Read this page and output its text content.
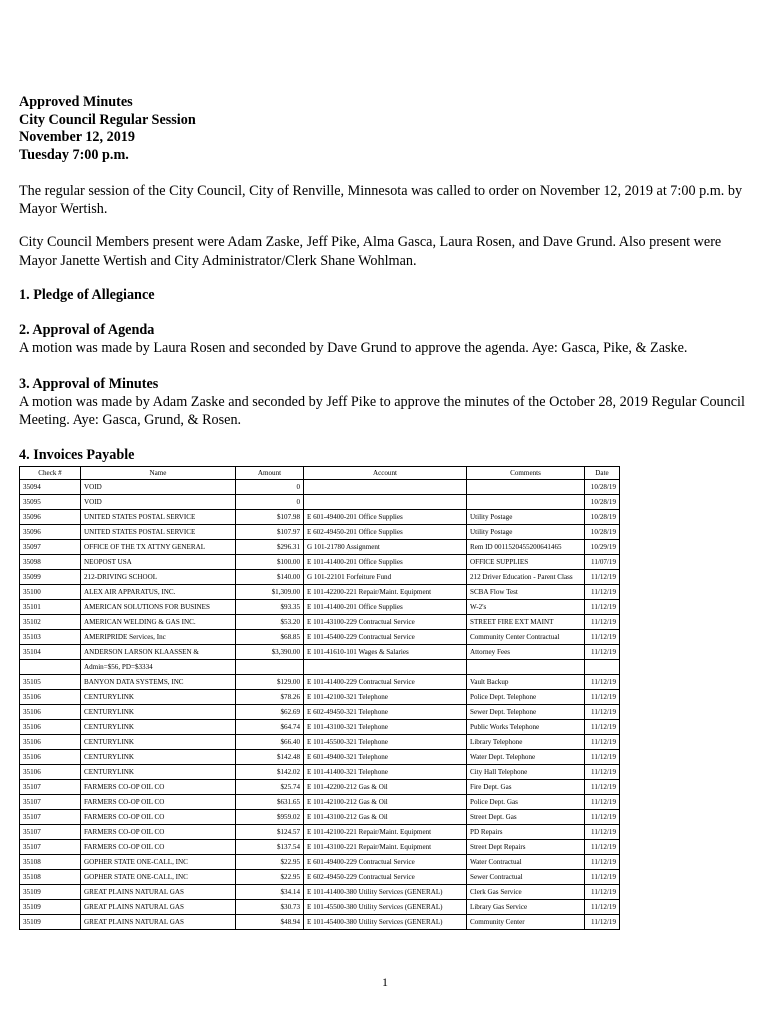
Approved Minutes
City Council Regular Session
November 12, 2019
Tuesday 7:00 p.m.
The regular session of the City Council, City of Renville, Minnesota was called to order on November 12, 2019 at 7:00 p.m. by Mayor Wertish.
City Council Members present were Adam Zaske, Jeff Pike, Alma Gasca, Laura Rosen, and Dave Grund. Also present were Mayor Janette Wertish and City Administrator/Clerk Shane Wohlman.
1. Pledge of Allegiance
2. Approval of Agenda
A motion was made by Laura Rosen and seconded by Dave Grund to approve the agenda. Aye: Gasca, Pike, & Zaske.
3. Approval of Minutes
A motion was made by Adam Zaske and seconded by Jeff Pike to approve the minutes of the October 28, 2019 Regular Council Meeting. Aye: Gasca, Grund, & Rosen.
4. Invoices Payable
Check #	Name	Amount	Account	Comments	Date
35094	VOID	0			10/28/19
35095	VOID	0			10/28/19
35096	UNITED STATES POSTAL SERVICE	$107.98	E 601-49400-201 Office Supplies	Utility Postage	10/28/19
35096	UNITED STATES POSTAL SERVICE	$107.97	E 602-49450-201 Office Supplies	Utility Postage	10/28/19
35097	OFFICE OF THE TX ATTNY GENERAL	$296.31	G 101-21780 Assignment	Rem ID 0011520455200641465	10/29/19
35098	NEOPOST USA	$100.00	E 101-41400-201 Office Supplies	OFFICE SUPPLIES	11/07/19
35099	212-DRIVING SCHOOL	$140.00	G 101-22101 Forfeiture Fund	212 Driver Education - Parent Class	11/12/19
35100	ALEX AIR APPARATUS, INC.	$1,309.00	E 101-42200-221 Repair/Maint. Equipment	SCBA Flow Test	11/12/19
35101	AMERICAN SOLUTIONS FOR BUSINES	$93.35	E 101-41400-201 Office Supplies	W-2's	11/12/19
35102	AMERICAN WELDING & GAS INC.	$53.20	E 101-43100-229 Contractual Service	STREET FIRE EXT MAINT	11/12/19
35103	AMERIPRIDE Services, Inc	$68.85	E 101-45400-229 Contractual Service	Community Center Contractual	11/12/19
35104	ANDERSON LARSON KLAASSEN &	$3,390.00	E 101-41610-101 Wages & Salaries	Attorney Fees	11/12/19
	Admin=$56, PD=$3334				
35105	BANYON DATA SYSTEMS, INC	$129.00	E 101-41400-229 Contractual Service	Vault Backup	11/12/19
35106	CENTURYLINK	$78.26	E 101-42100-321 Telephone	Police Dept. Telephone	11/12/19
35106	CENTURYLINK	$62.69	E 602-49450-321 Telephone	Sewer Dept. Telephone	11/12/19
35106	CENTURYLINK	$64.74	E 101-43100-321 Telephone	Public Works Telephone	11/12/19
35106	CENTURYLINK	$66.40	E 101-45500-321 Telephone	Library Telephone	11/12/19
35106	CENTURYLINK	$142.48	E 601-49400-321 Telephone	Water Dept. Telephone	11/12/19
35106	CENTURYLINK	$142.02	E 101-41400-321 Telephone	City Hall Telephone	11/12/19
35107	FARMERS CO-OP OIL CO	$25.74	E 101-42200-212 Gas & Oil	Fire Dept. Gas	11/12/19
35107	FARMERS CO-OP OIL CO	$631.65	E 101-42100-212 Gas & Oil	Police Dept. Gas	11/12/19
35107	FARMERS CO-OP OIL CO	$959.02	E 101-43100-212 Gas & Oil	Street Dept. Gas	11/12/19
35107	FARMERS CO-OP OIL CO	$124.57	E 101-42100-221 Repair/Maint. Equipment	PD Repairs	11/12/19
35107	FARMERS CO-OP OIL CO	$137.54	E 101-43100-221 Repair/Maint. Equipment	Street Dept Repairs	11/12/19
35108	GOPHER STATE ONE-CALL, INC	$22.95	E 601-49400-229 Contractual Service	Water Contractual	11/12/19
35108	GOPHER STATE ONE-CALL, INC	$22.95	E 602-49450-229 Contractual Service	Sewer Contractual	11/12/19
35109	GREAT PLAINS NATURAL GAS	$34.14	E 101-41400-380 Utility Services (GENERAL)	Clerk Gas Service	11/12/19
35109	GREAT PLAINS NATURAL GAS	$30.73	E 101-45500-380 Utility Services (GENERAL)	Library Gas Service	11/12/19
35109	GREAT PLAINS NATURAL GAS	$48.94	E 101-45400-380 Utility Services (GENERAL)	Community Center	11/12/19
1
